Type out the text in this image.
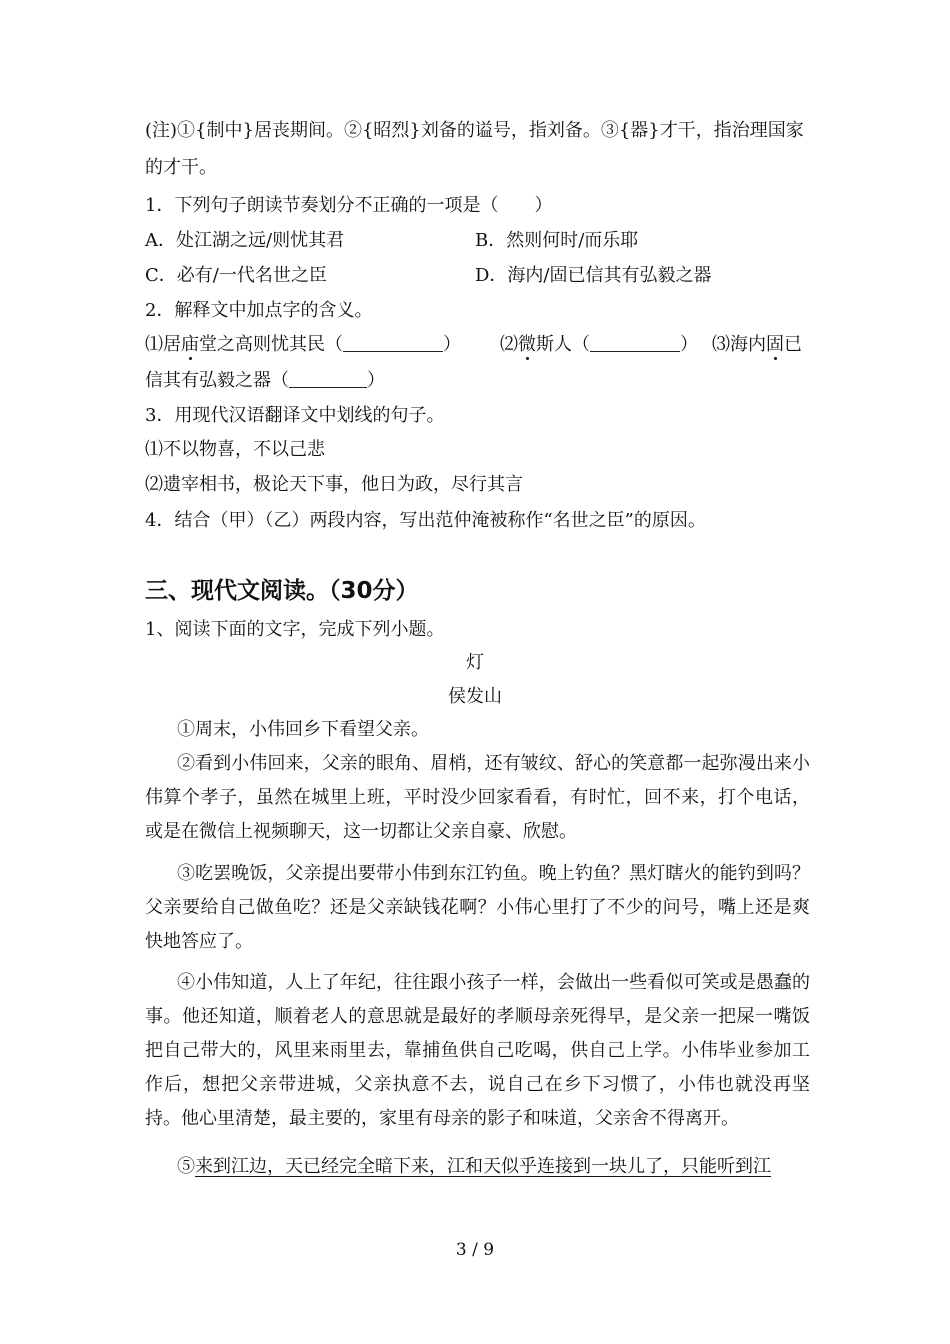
(注)①{制中}居丧期间。②{昭烈}刘备的谥号，指刘备。③{器}才干，指治理国家
的才干。
1．下列句子朗读节奏划分不正确的一项是（　　）
A．处江湖之远/则忧其君	B．然则何时/而乐耶
C．必有/一代名世之臣	D．海内/固已信其有弘毅之器
2．解释文中加点字的含义。
⑴居庙堂之高则忧其民（	） ⑵微斯人（	） ⑶海内固已
信其有弘毅之器（	）
3．用现代汉语翻译文中划线的句子。
⑴不以物喜，不以己悲
⑵遗宰相书，极论天下事，他日为政，尽行其言
4．结合（甲）（乙）两段内容，写出范仲淹被称作“名世之臣”的原因。
三、现代文阅读。（30分）
1、阅读下面的文字，完成下列小题。
灯
侯发山
①周末，小伟回乡下看望父亲。
②看到小伟回来，父亲的眼角、眉梢，还有皱纹、舒心的笑意都一起弥漫出来小伟算个孝子，虽然在城里上班，平时没少回家看看，有时忙，回不来，打个电话，或是在微信上视频聊天，这一切都让父亲自豪、欣慰。
③吃罢晚饭，父亲提出要带小伟到东江钓鱼。晚上钓鱼？黑灯瞎火的能钓到吗？父亲要给自己做鱼吃？还是父亲缺钱花啊？小伟心里打了不少的问号，嘴上还是爽快地答应了。
④小伟知道，人上了年纪，往往跟小孩子一样，会做出一些看似可笑或是愚蠢的事。他还知道，顺着老人的意思就是最好的孝顺母亲死得早，是父亲一把屎一嘴饭把自己带大的，风里来雨里去，靠捕鱼供自己吃喝，供自己上学。小伟毕业参加工作后，想把父亲带进城，父亲执意不去，说自己在乡下习惯了，小伟也就没再坚持。他心里清楚，最主要的，家里有母亲的影子和味道，父亲舍不得离开。
⑤来到江边，天已经完全暗下来，江和天似乎连接到一块儿了，只能听到江
3 / 9
